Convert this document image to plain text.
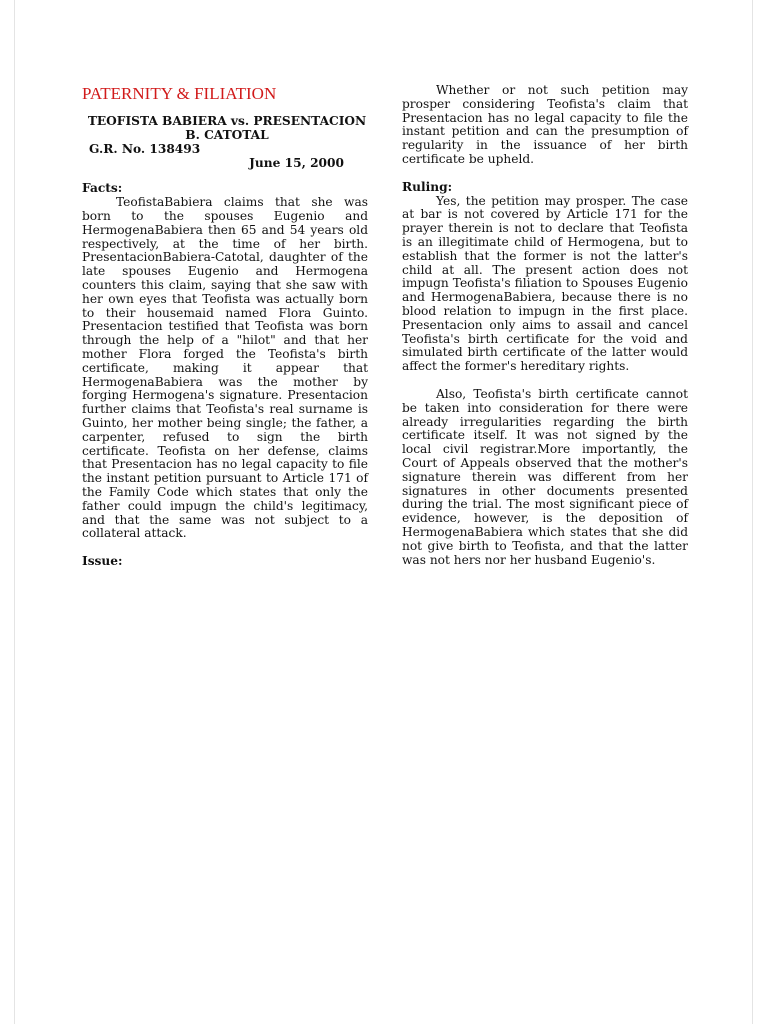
PATERNITY & FILIATION

TEOFISTA BABIERA vs. PRESENTACION B. CATOTAL

G.R. No. 138493
June 15, 2000

Facts:

TeofistaBabiera claims that she was born to the spouses Eugenio and HermogenaBabiera then 65 and 54 years old respectively, at the time of her birth. PresentacionBabiera-Catotal, daughter of the late spouses Eugenio and Hermogena counters this claim, saying that she saw with her own eyes that Teofista was actually born to their housemaid named Flora Guinto. Presentacion testified that Teofista was born through the help of a "hilot" and that her mother Flora forged the Teofista's birth certificate, making it appear that HermogenaBabiera was the mother by forging Hermogena's signature. Presentacion further claims that Teofista's real surname is Guinto, her mother being single; the father, a carpenter, refused to sign the birth certificate. Teofista on her defense, claims that Presentacion has no legal capacity to file the instant petition pursuant to Article 171 of the Family Code which states that only the father could impugn the child's legitimacy, and that the same was not subject to a collateral attack.

Issue:

Whether or not such petition may prosper considering Teofista's claim that Presentacion has no legal capacity to file the instant petition and can the presumption of regularity in the issuance of her birth certificate be upheld.

Ruling:

Yes, the petition may prosper. The case at bar is not covered by Article 171 for the prayer therein is not to declare that Teofista is an illegitimate child of Hermogena, but to establish that the former is not the latter's child at all. The present action does not impugn Teofista's filiation to Spouses Eugenio and HermogenaBabiera, because there is no blood relation to impugn in the first place. Presentacion only aims to assail and cancel Teofista's birth certificate for the void and simulated birth certificate of the latter would affect the former's hereditary rights.

Also, Teofista's birth certificate cannot be taken into consideration for there were already irregularities regarding the birth certificate itself. It was not signed by the local civil registrar.More importantly, the Court of Appeals observed that the mother's signature therein was different from her signatures in other documents presented during the trial. The most significant piece of evidence, however, is the deposition of HermogenaBabiera which states that she did not give birth to Teofista, and that the latter was not hers nor her husband Eugenio's.
